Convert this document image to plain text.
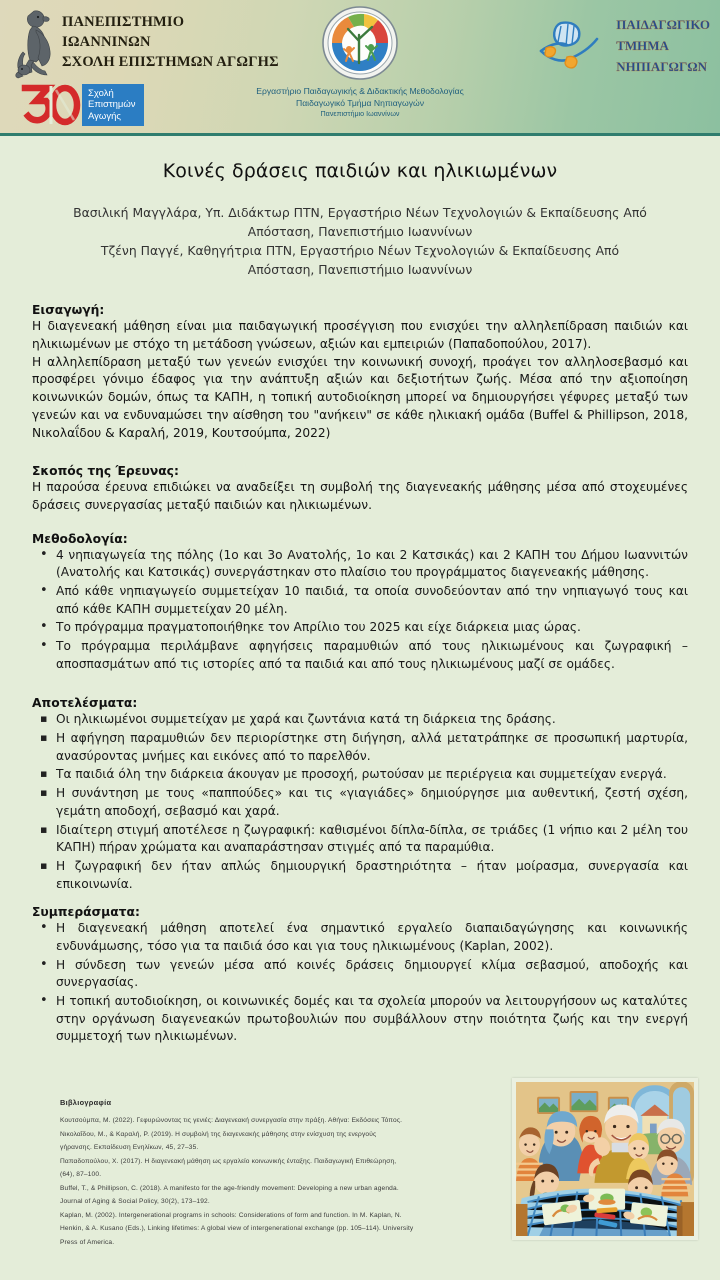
ΠΑΝΕΠΙΣΤΗΜΙΟ
ΙΩΑΝΝΙΝΩΝ
ΣΧΟΛΗ ΕΠΙΣΤΗΜΩΝ ΑΓΩΓΗΣ
Σχολή
Επιστημών
Αγωγής
Εργαστήριο Παιδαγωγικής & Διδακτικής Μεθοδολογίας
Παιδαγωγικό Τμήμα Νηπιαγωγών
Πανεπιστήμιο Ιωαννίνων
ΠΑΙΔΑΓΩΓΙΚΟ
ΤΜΗΜΑ
ΝΗΠΙΑΓΩΓΩΝ
Κοινές δράσεις παιδιών και ηλικιωμένων
Βασιλική Μαγγλάρα, Υπ. Διδάκτωρ ΠΤΝ, Εργαστήριο Νέων Τεχνολογιών & Εκπαίδευσης Από
Απόσταση, Πανεπιστήμιο Ιωαννίνων
Τζένη Παγγέ, Καθηγήτρια ΠΤΝ, Εργαστήριο Νέων Τεχνολογιών & Εκπαίδευσης Από
Απόσταση, Πανεπιστήμιο Ιωαννίνων
Εισαγωγή:

Η διαγενεακή μάθηση είναι μια παιδαγωγική προσέγγιση που ενισχύει την αλληλεπίδραση παιδιών και ηλικιωμένων με στόχο τη μετάδοση γνώσεων, αξιών και εμπειριών (Παπαδοπούλου, 2017).

Η αλληλεπίδραση μεταξύ των γενεών ενισχύει την κοινωνική συνοχή, προάγει τον αλληλοσεβασμό και προσφέρει γόνιμο έδαφος για την ανάπτυξη αξιών και δεξιοτήτων ζωής. Μέσα από την αξιοποίηση κοινωνικών δομών, όπως τα ΚΑΠΗ, η τοπική αυτοδιοίκηση μπορεί να δημιουργήσει γέφυρες μεταξύ των γενεών και να ενδυναμώσει την αίσθηση του "ανήκειν" σε κάθε ηλικιακή ομάδα (Buffel & Phillipson, 2018, Νικολαΐδου & Καραλή, 2019, Κουτσούμπα, 2022)

Σκοπός της Έρευνας:

Η παρούσα έρευνα επιδιώκει να αναδείξει τη συμβολή της διαγενεακής μάθησης μέσα από στοχευμένες δράσεις συνεργασίας μεταξύ παιδιών και ηλικιωμένων.

Μεθοδολογία:
• 4 νηπιαγωγεία της πόλης (1ο και 3ο Ανατολής, 1ο και 2 Κατσικάς) και 2 ΚΑΠΗ του Δήμου Ιωαννιτών (Ανατολής και Κατσικάς) συνεργάστηκαν στο πλαίσιο του προγράμματος διαγενεακής μάθησης.
• Από κάθε νηπιαγωγείο συμμετείχαν 10 παιδιά, τα οποία συνοδεύονταν από την νηπιαγωγό τους και από κάθε ΚΑΠΗ συμμετείχαν 20 μέλη.
• Το πρόγραμμα πραγματοποιήθηκε τον Απρίλιο του 2025 και είχε διάρκεια μιας ώρας.
• Το πρόγραμμα περιλάμβανε αφηγήσεις παραμυθιών από τους ηλικιωμένους και ζωγραφική – αποσπασμάτων από τις ιστορίες από τα παιδιά και από τους ηλικιωμένους μαζί σε ομάδες.
Αποτελέσματα:
▪ Οι ηλικιωμένοι συμμετείχαν με χαρά και ζωντάνια κατά τη διάρκεια της δράσης.
▪ Η αφήγηση παραμυθιών δεν περιορίστηκε στη διήγηση, αλλά μετατράπηκε σε προσωπική μαρτυρία, ανασύροντας μνήμες και εικόνες από το παρελθόν.
▪ Τα παιδιά όλη την διάρκεια άκουγαν με προσοχή, ρωτούσαν με περιέργεια και συμμετείχαν ενεργά.
▪ Η συνάντηση με τους «παππούδες» και τις «γιαγιάδες» δημιούργησε μια αυθεντική, ζεστή σχέση, γεμάτη αποδοχή, σεβασμό και χαρά.
▪ Ιδιαίτερη στιγμή αποτέλεσε η ζωγραφική: καθισμένοι δίπλα-δίπλα, σε τριάδες (1 νήπιο και 2 μέλη του ΚΑΠΗ) πήραν χρώματα και αναπαράστησαν στιγμές από τα παραμύθια.
▪ Η ζωγραφική δεν ήταν απλώς δημιουργική δραστηριότητα – ήταν μοίρασμα, συνεργασία και επικοινωνία.
Συμπεράσματα:
• Η διαγενεακή μάθηση αποτελεί ένα σημαντικό εργαλείο διαπαιδαγώγησης και κοινωνικής ενδυνάμωσης, τόσο για τα παιδιά όσο και για τους ηλικιωμένους (Kaplan, 2002).
• Η σύνδεση των γενεών μέσα από κοινές δράσεις δημιουργεί κλίμα σεβασμού, αποδοχής και συνεργασίας.
• Η τοπική αυτοδιοίκηση, οι κοινωνικές δομές και τα σχολεία μπορούν να λειτουργήσουν ως καταλύτες στην οργάνωση διαγενεακών πρωτοβουλιών που συμβάλλουν στην ποιότητα ζωής και την ενεργή συμμετοχή των ηλικιωμένων.
Βιβλιογραφία

Κουτσούμπα, Μ. (2022). Γεφυρώνοντας τις γενιές: Διαγενεακή συνεργασία στην πράξη. Αθήνα: Εκδόσεις Τόπος.

Νικολαΐδου, Μ., & Καραλή, Ρ. (2019). Η συμβολή της διαγενεακής μάθησης στην ενίσχυση της ενεργούς

γήρανσης. Εκπαίδευση Ενηλίκων, 45, 27–35.

Παπαδοπούλου, Χ. (2017). Η διαγενεακή μάθηση ως εργαλείο κοινωνικής ένταξης. Παιδαγωγική Επιθεώρηση,

(64), 87–100.

Buffel, T., & Phillipson, C. (2018). A manifesto for the age-friendly movement: Developing a new urban agenda.

Journal of Aging & Social Policy, 30(2), 173–192.

Kaplan, M. (2002). Intergenerational programs in schools: Considerations of form and function. In M. Kaplan, N.

Henkin, & A. Kusano (Eds.), Linking lifetimes: A global view of intergenerational exchange (pp. 105–114). University

Press of America.
